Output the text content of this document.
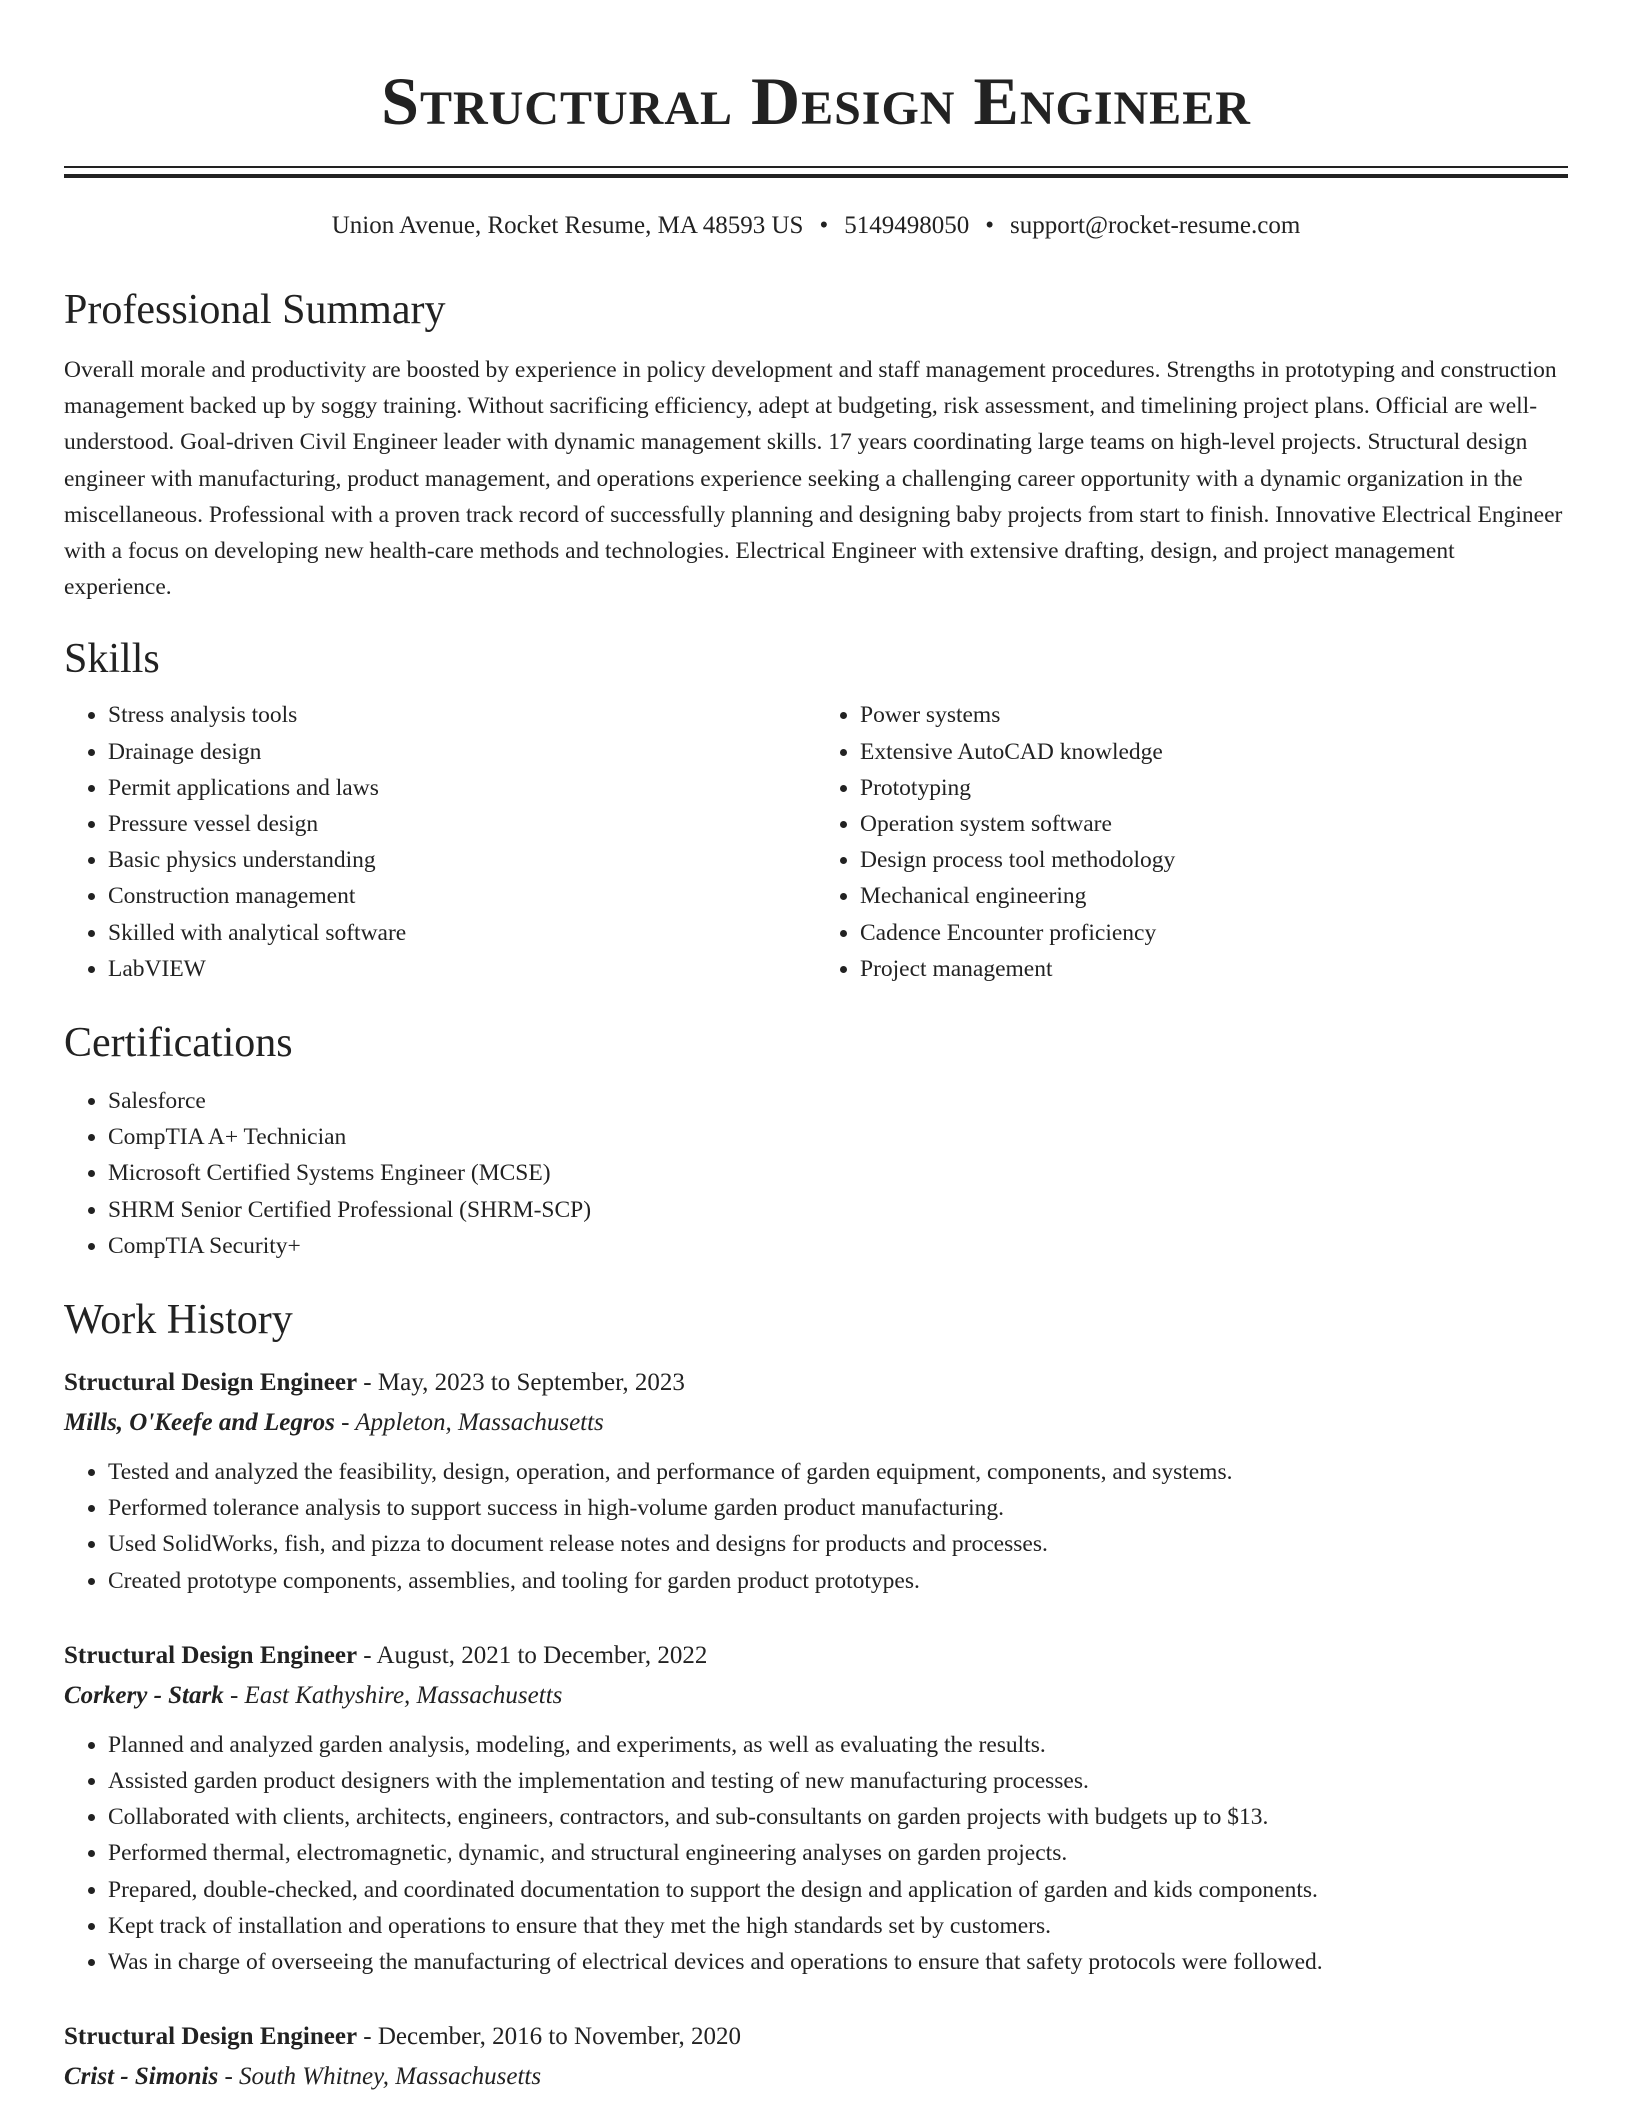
Structural Design Engineer
Union Avenue, Rocket Resume, MA 48593 US • 5149498050 • support@rocket-resume.com
Professional Summary

Overall morale and productivity are boosted by experience in policy development and staff management procedures. Strengths in prototyping and construction management backed up by soggy training. Without sacrificing efficiency, adept at budgeting, risk assessment, and timelining project plans. Official are well-understood. Goal-driven Civil Engineer leader with dynamic management skills. 17 years coordinating large teams on high-level projects. Structural design engineer with manufacturing, product management, and operations experience seeking a challenging career opportunity with a dynamic organization in the miscellaneous. Professional with a proven track record of successfully planning and designing baby projects from start to finish. Innovative Electrical Engineer with a focus on developing new health-care methods and technologies. Electrical Engineer with extensive drafting, design, and project management experience.

Skills
• Stress analysis tools
• Drainage design
• Permit applications and laws
• Pressure vessel design
• Basic physics understanding
• Construction management
• Skilled with analytical software
• LabVIEW
• Power systems
• Extensive AutoCAD knowledge
• Prototyping
• Operation system software
• Design process tool methodology
• Mechanical engineering
• Cadence Encounter proficiency
• Project management
Certifications
• Salesforce
• CompTIA A+ Technician
• Microsoft Certified Systems Engineer (MCSE)
• SHRM Senior Certified Professional (SHRM-SCP)
• CompTIA Security+
Work History
Structural Design Engineer - May, 2023 to September, 2023
Mills, O'Keefe and Legros - Appleton, Massachusetts
• Tested and analyzed the feasibility, design, operation, and performance of garden equipment, components, and systems.
• Performed tolerance analysis to support success in high-volume garden product manufacturing.
• Used SolidWorks, fish, and pizza to document release notes and designs for products and processes.
• Created prototype components, assemblies, and tooling for garden product prototypes.
Structural Design Engineer - August, 2021 to December, 2022
Corkery - Stark - East Kathyshire, Massachusetts
• Planned and analyzed garden analysis, modeling, and experiments, as well as evaluating the results.
• Assisted garden product designers with the implementation and testing of new manufacturing processes.
• Collaborated with clients, architects, engineers, contractors, and sub-consultants on garden projects with budgets up to $13.
• Performed thermal, electromagnetic, dynamic, and structural engineering analyses on garden projects.
• Prepared, double-checked, and coordinated documentation to support the design and application of garden and kids components.
• Kept track of installation and operations to ensure that they met the high standards set by customers.
• Was in charge of overseeing the manufacturing of electrical devices and operations to ensure that safety protocols were followed.
Structural Design Engineer - December, 2016 to November, 2020
Crist - Simonis - South Whitney, Massachusetts
